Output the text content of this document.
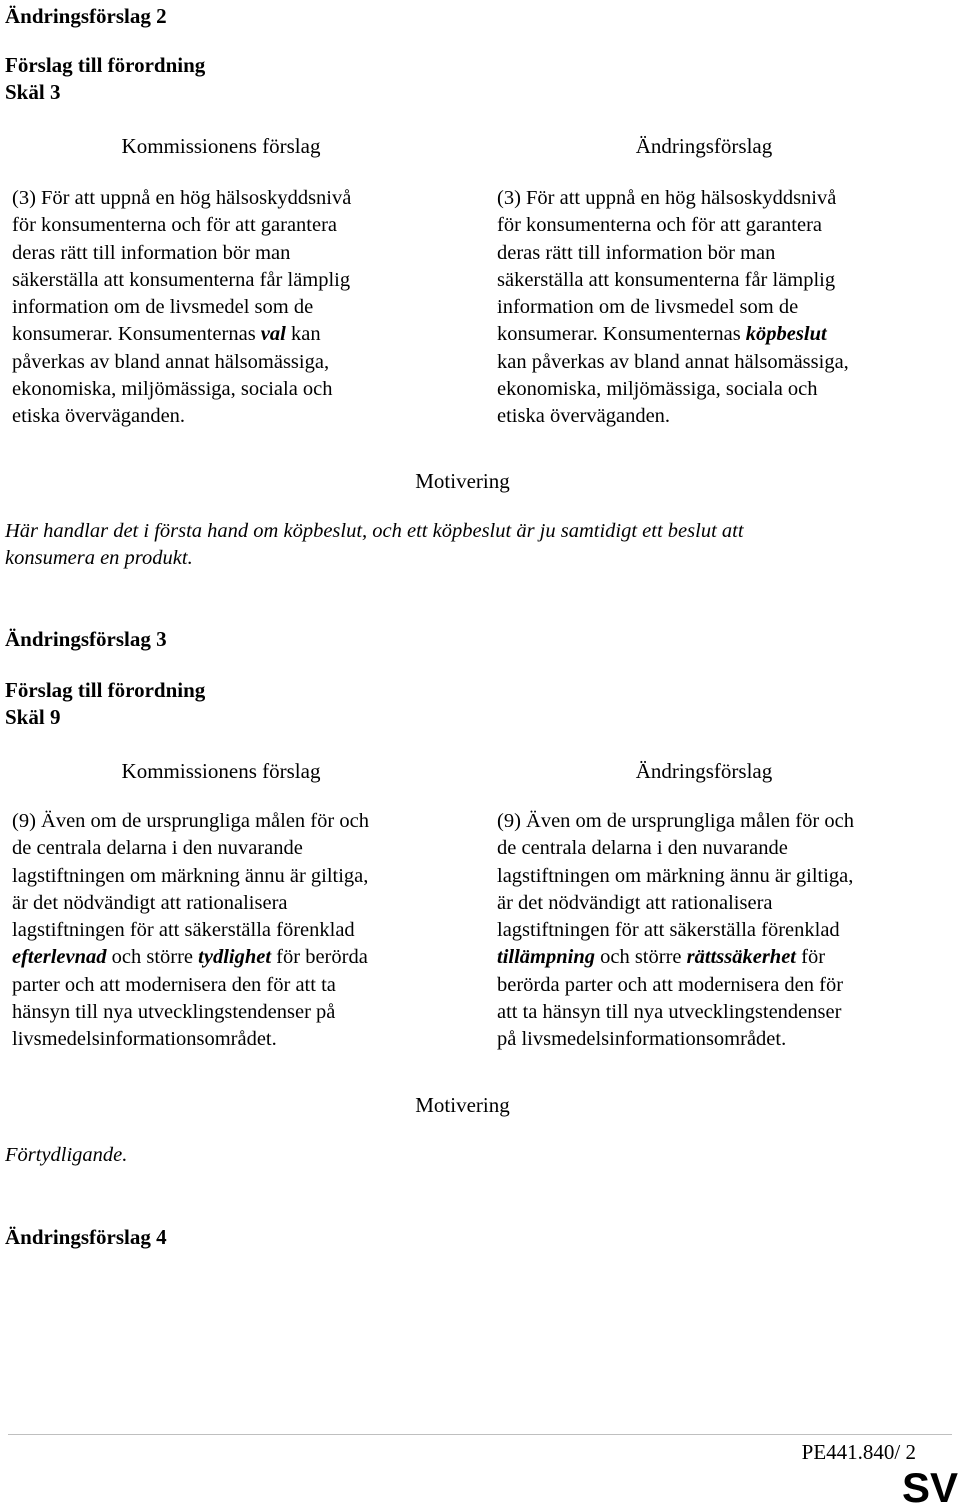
Ändringsförslag 2
Förslag till förordning
Skäl 3
Kommissionens förslag	Ändringsförslag
(3) För att uppnå en hög hälsoskyddsnivå
för konsumenterna och för att garantera
deras rätt till information bör man
säkerställa att konsumenterna får lämplig
information om de livsmedel som de
konsumerar. Konsumenternas val kan
påverkas av bland annat hälsomässiga,
ekonomiska, miljömässiga, sociala och
etiska överväganden.
(3) För att uppnå en hög hälsoskyddsnivå
för konsumenterna och för att garantera
deras rätt till information bör man
säkerställa att konsumenterna får lämplig
information om de livsmedel som de
konsumerar. Konsumenternas köpbeslut
kan påverkas av bland annat hälsomässiga,
ekonomiska, miljömässiga, sociala och
etiska överväganden.
Motivering
Här handlar det i första hand om köpbeslut, och ett köpbeslut är ju samtidigt ett beslut att
konsumera en produkt.
Ändringsförslag 3
Förslag till förordning
Skäl 9
Kommissionens förslag	Ändringsförslag
(9) Även om de ursprungliga målen för och
de centrala delarna i den nuvarande
lagstiftningen om märkning ännu är giltiga,
är det nödvändigt att rationalisera
lagstiftningen för att säkerställa förenklad
efterlevnad och större tydlighet för berörda
parter och att modernisera den för att ta
hänsyn till nya utvecklingstendenser på
livsmedelsinformationsområdet.
(9) Även om de ursprungliga målen för och
de centrala delarna i den nuvarande
lagstiftningen om märkning ännu är giltiga,
är det nödvändigt att rationalisera
lagstiftningen för att säkerställa förenklad
tillämpning och större rättssäkerhet för
berörda parter och att modernisera den för
att ta hänsyn till nya utvecklingstendenser
på livsmedelsinformationsområdet.
Motivering
Förtydligande.
Ändringsförslag 4
PE441.840/ 2
SV
